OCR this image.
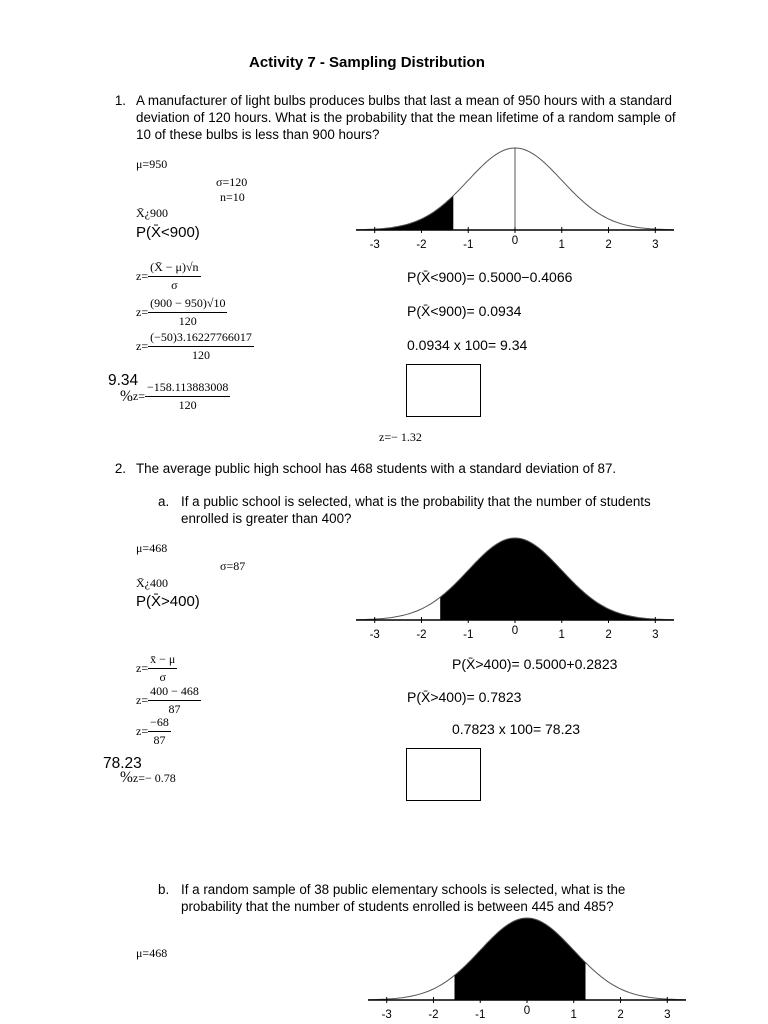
Activity 7 - Sampling Distribution
1. A manufacturer of light bulbs produces bulbs that last a mean of 950 hours with a standard deviation of 120 hours. What is the probability that the mean lifetime of a random sample of 10 of these bulbs is less than 900 hours?
μ=950
σ=120
n=10
X̄¿900
P(X̄<900)
-3	-2	-1	0	1	2	3
$z= \frac{(X̄ - \mu)√n}{\sigma}$
$z= \frac{(900 - 950)√10}{120}$
$z= \frac{(-50)3.16227766017}{120}$
9.34
$\%z= \frac{-158.113883008}{120}$
P(X̄<900)= 0.5000−0.4066
P(X̄<900)= 0.0934
0.0934 x 100= 9.34
z=− 1.32
2. The average public high school has 468 students with a standard deviation of 87.
a. If a public school is selected, what is the probability that the number of students enrolled is greater than 400?
μ=468
σ=87
X̄¿400
P(X̄>400)
-3	-2	-1	0	1	2	3
$z= \frac{x̄ - \mu}{\sigma}$
$z= \frac{400 - 468}{87}$
$z= \frac{-68}{87}$
78.23
%z=− 0.78
P(X̄>400)= 0.5000+0.2823
P(X̄>400)= 0.7823
0.7823 x 100= 78.23
b. If a random sample of 38 public elementary schools is selected, what is the probability that the number of students enrolled is between 445 and 485?
μ=468
-3	-2	-1	0	1	2	3
